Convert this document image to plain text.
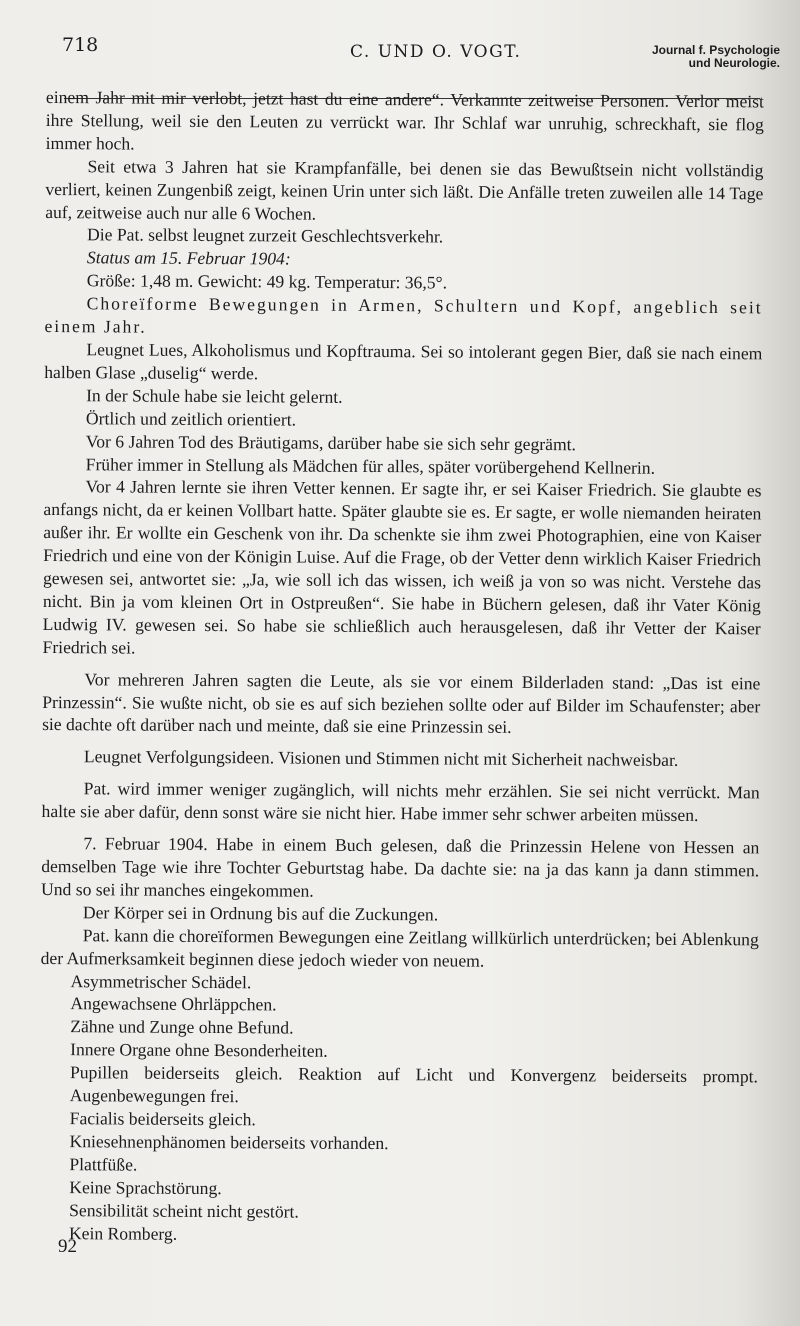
718	C. UND O. VOGT.	Journal f. Psychologie
und Neurologie.

einem Jahr mit mir verlobt, jetzt hast du eine andere“. Verkannte zeitweise Personen. Verlor meist ihre Stellung, weil sie den Leuten zu verrückt war. Ihr Schlaf war unruhig, schreckhaft, sie flog immer hoch.

Seit etwa 3 Jahren hat sie Krampfanfälle, bei denen sie das Bewußtsein nicht vollständig verliert, keinen Zungenbiß zeigt, keinen Urin unter sich läßt. Die Anfälle treten zuweilen alle 14 Tage auf, zeitweise auch nur alle 6 Wochen.

Die Pat. selbst leugnet zurzeit Geschlechtsverkehr.

Status am 15. Februar 1904:

Größe: 1,48 m. Gewicht: 49 kg. Temperatur: 36,5°.

Choreïforme Bewegungen in Armen, Schultern und Kopf, angeblich seit einem Jahr.

Leugnet Lues, Alkoholismus und Kopftrauma. Sei so intolerant gegen Bier, daß sie nach einem halben Glase „duselig“ werde.

In der Schule habe sie leicht gelernt.

Örtlich und zeitlich orientiert.

Vor 6 Jahren Tod des Bräutigams, darüber habe sie sich sehr gegrämt.

Früher immer in Stellung als Mädchen für alles, später vorübergehend Kellnerin.

Vor 4 Jahren lernte sie ihren Vetter kennen. Er sagte ihr, er sei Kaiser Friedrich. Sie glaubte es anfangs nicht, da er keinen Vollbart hatte. Später glaubte sie es. Er sagte, er wolle niemanden heiraten außer ihr. Er wollte ein Geschenk von ihr. Da schenkte sie ihm zwei Photographien, eine von Kaiser Friedrich und eine von der Königin Luise. Auf die Frage, ob der Vetter denn wirklich Kaiser Friedrich gewesen sei, antwortet sie: „Ja, wie soll ich das wissen, ich weiß ja von so was nicht. Verstehe das nicht. Bin ja vom kleinen Ort in Ostpreußen“. Sie habe in Büchern gelesen, daß ihr Vater König Ludwig IV. gewesen sei. So habe sie schließlich auch herausgelesen, daß ihr Vetter der Kaiser Friedrich sei.

Vor mehreren Jahren sagten die Leute, als sie vor einem Bilderladen stand: „Das ist eine Prinzessin“. Sie wußte nicht, ob sie es auf sich beziehen sollte oder auf Bilder im Schaufenster; aber sie dachte oft darüber nach und meinte, daß sie eine Prinzessin sei.

Leugnet Verfolgungsideen. Visionen und Stimmen nicht mit Sicherheit nachweisbar.

Pat. wird immer weniger zugänglich, will nichts mehr erzählen. Sie sei nicht verrückt. Man halte sie aber dafür, denn sonst wäre sie nicht hier. Habe immer sehr schwer arbeiten müssen.

7. Februar 1904. Habe in einem Buch gelesen, daß die Prinzessin Helene von Hessen an demselben Tage wie ihre Tochter Geburtstag habe. Da dachte sie: na ja das kann ja dann stimmen. Und so sei ihr manches eingekommen.

Der Körper sei in Ordnung bis auf die Zuckungen.

Pat. kann die choreïformen Bewegungen eine Zeitlang willkürlich unterdrücken; bei Ablenkung der Aufmerksamkeit beginnen diese jedoch wieder von neuem.

Asymmetrischer Schädel.

Angewachsene Ohrläppchen.

Zähne und Zunge ohne Befund.

Innere Organe ohne Besonderheiten.

Pupillen beiderseits gleich. Reaktion auf Licht und Konvergenz beiderseits prompt. Augenbewegungen frei.

Facialis beiderseits gleich.

Kniesehnenphänomen beiderseits vorhanden.

Plattfüße.

Keine Sprachstörung.

Sensibilität scheint nicht gestört.

Kein Romberg.

92
